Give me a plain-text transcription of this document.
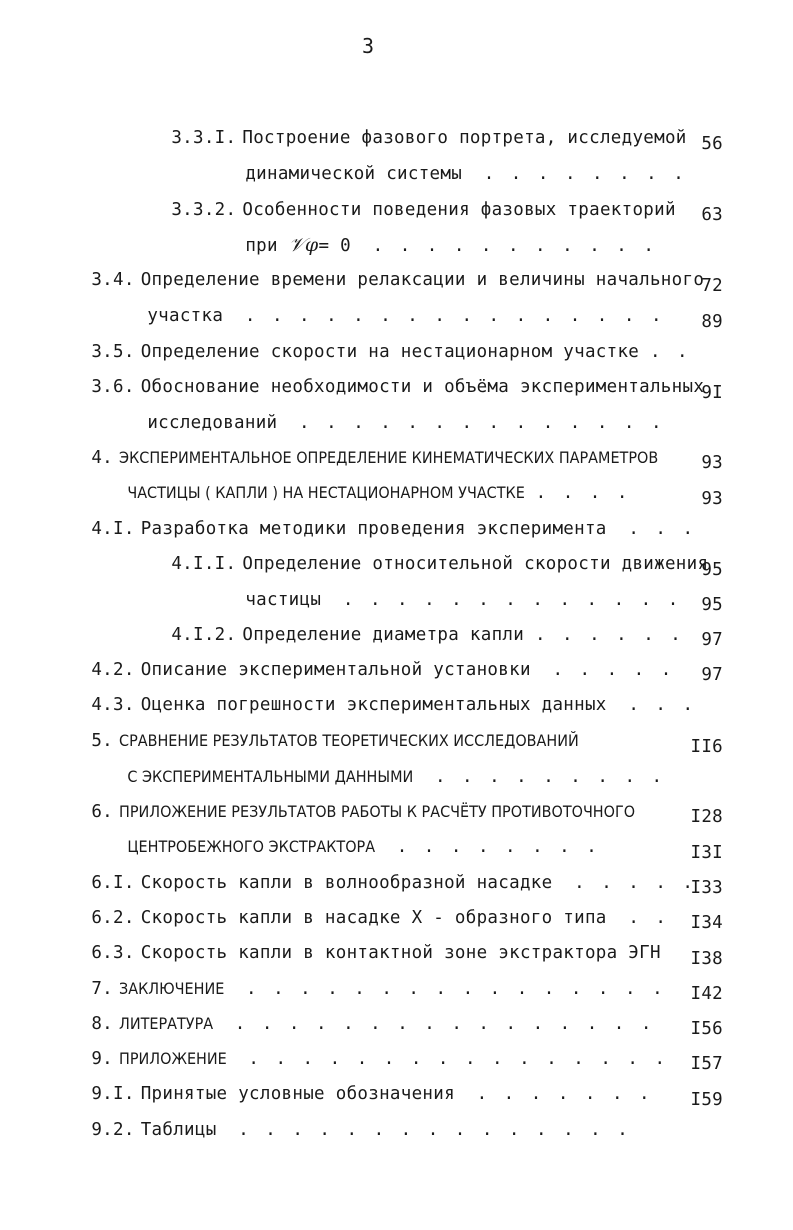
3

3.3.I. Построение фазового портрета, исследуемой

динамической системы . . . . . . . .

56

3.3.2. Особенности поведения фазовых траекторий

при 𝒱φ= 0 . . . . . . . . . . .

63

3.4. Определение времени релаксации и величины начального

участка . . . . . . . . . . . . . . . .

72

3.5. Определение скорости на нестационарном участке . .

89

3.6. Обоснование необходимости и объёма экспериментальных

исследований . . . . . . . . . . . . . .

9I

4. ЭКСПЕРИМЕНТАЛЬНОЕ ОПРЕДЕЛЕНИЕ КИНЕМАТИЧЕСКИХ ПАРАМЕТРОВ

ЧАСТИЦЫ ( КАПЛИ ) НА НЕСТАЦИОНАРНОМ УЧАСТКЕ . . . .

93

4.I. Разработка методики проведения эксперимента . . .

93

4.I.I. Определение относительной скорости движения

частицы . . . . . . . . . . . . .

95

4.I.2. Определение диаметра капли . . . . . .

95

4.2. Описание экспериментальной установки . . . . .

97

4.3. Оценка погрешности экспериментальных данных . . .

97

5. СРАВНЕНИЕ РЕЗУЛЬТАТОВ ТЕОРЕТИЧЕСКИХ ИССЛЕДОВАНИЙ

С ЭКСПЕРИМЕНТАЛЬНЫМИ ДАННЫМИ . . . . . . . . .

II6

6. ПРИЛОЖЕНИЕ РЕЗУЛЬТАТОВ РАБОТЫ К РАСЧЁТУ ПРОТИВОТОЧНОГО

ЦЕНТРОБЕЖНОГО ЭКСТРАКТОРА . . . . . . . .

I28

6.I. Скорость капли в волнообразной насадке . . . . .

I3I

6.2. Скорость капли в насадке Х - образного типа . .

I33

6.3. Скорость капли в контактной зоне экстрактора ЭГН

I34

7. ЗАКЛЮЧЕНИЕ . . . . . . . . . . . . . . . .

I38

8. ЛИТЕРАТУРА . . . . . . . . . . . . . . . .

I42

9. ПРИЛОЖЕНИЕ . . . . . . . . . . . . . . . .

I56

9.I. Принятые условные обозначения . . . . . . .

I57

9.2. Таблицы . . . . . . . . . . . . . . .

I59
